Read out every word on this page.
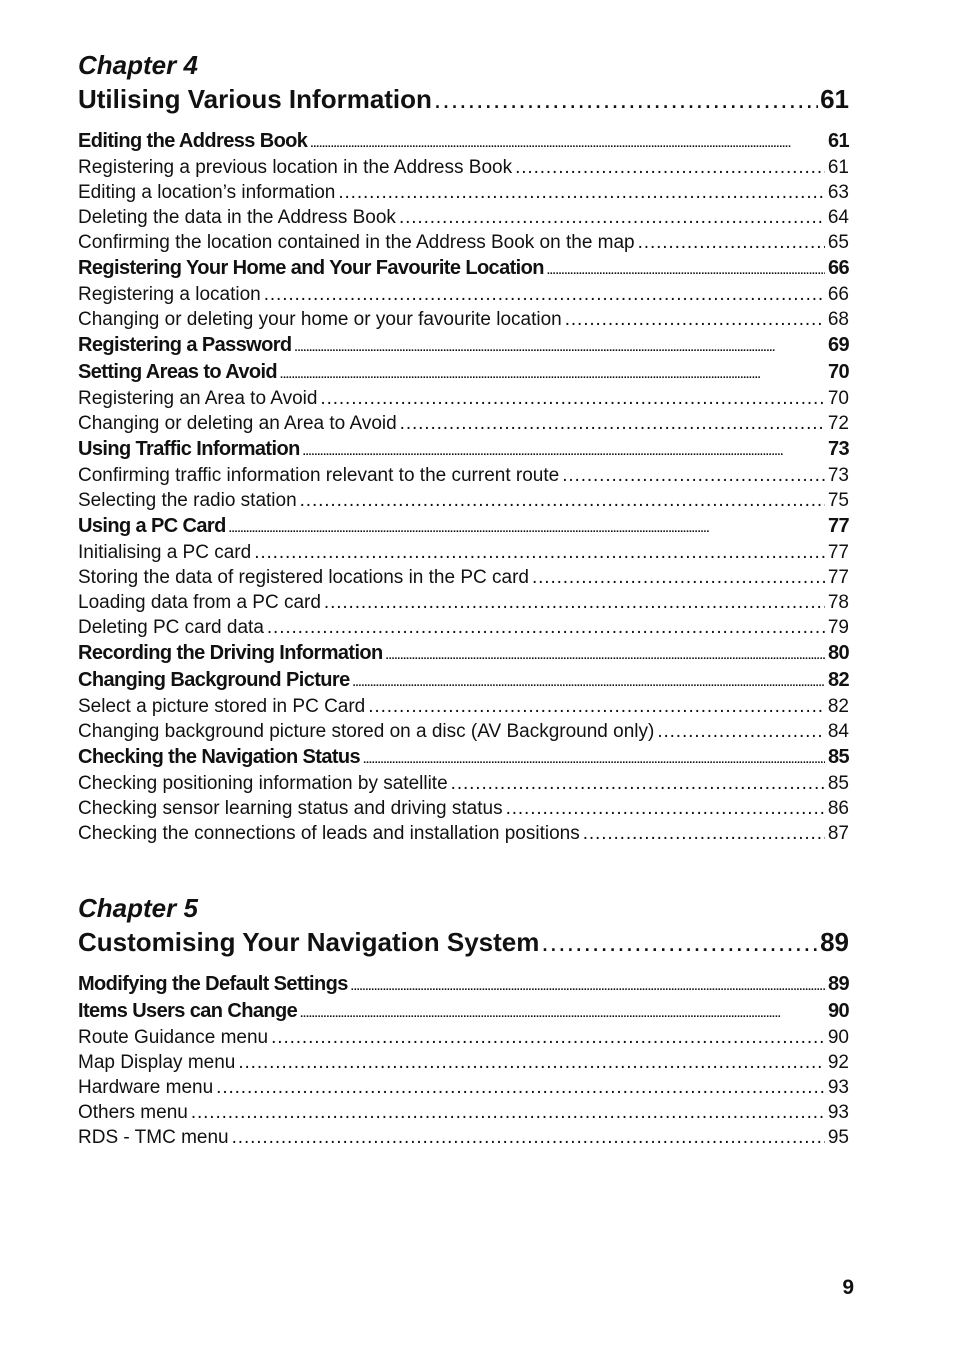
Chapter 4
Utilising Various Information . . .	61
Editing the Address Book . . .	61
Registering a previous location in the Address Book . . .	61
Editing a location’s information . . .	63
Deleting the data in the Address Book . . .	64
Confirming the location contained in the Address Book on the map . . .	65
Registering Your Home and Your Favourite Location . . .	66
Registering a location . . .	66
Changing or deleting your home or your favourite location . . .	68
Registering a Password . . .	69
Setting Areas to Avoid . . .	70
Registering an Area to Avoid . . .	70
Changing or deleting an Area to Avoid . . .	72
Using Traffic Information . . .	73
Confirming traffic information relevant to the current route . . .	73
Selecting the radio station . . .	75
Using a PC Card . . .	77
Initialising a PC card . . .	77
Storing the data of registered locations in the PC card . . .	77
Loading data from a PC card . . .	78
Deleting PC card data . . .	79
Recording the Driving Information . . .	80
Changing Background Picture . . .	82
Select a picture stored in PC Card . . .	82
Changing background picture stored on a disc (AV Background only) . . .	84
Checking the Navigation Status . . .	85
Checking positioning information by satellite . . .	85
Checking sensor learning status and driving status . . .	86
Checking the connections of leads and installation positions . . .	87
Chapter 5
Customising Your Navigation System . . .	89
Modifying the Default Settings . . .	89
Items Users can Change . . .	90
Route Guidance menu . . .	90
Map Display menu . . .	92
Hardware menu . . .	93
Others menu . . .	93
RDS - TMC menu . . .	95
9
